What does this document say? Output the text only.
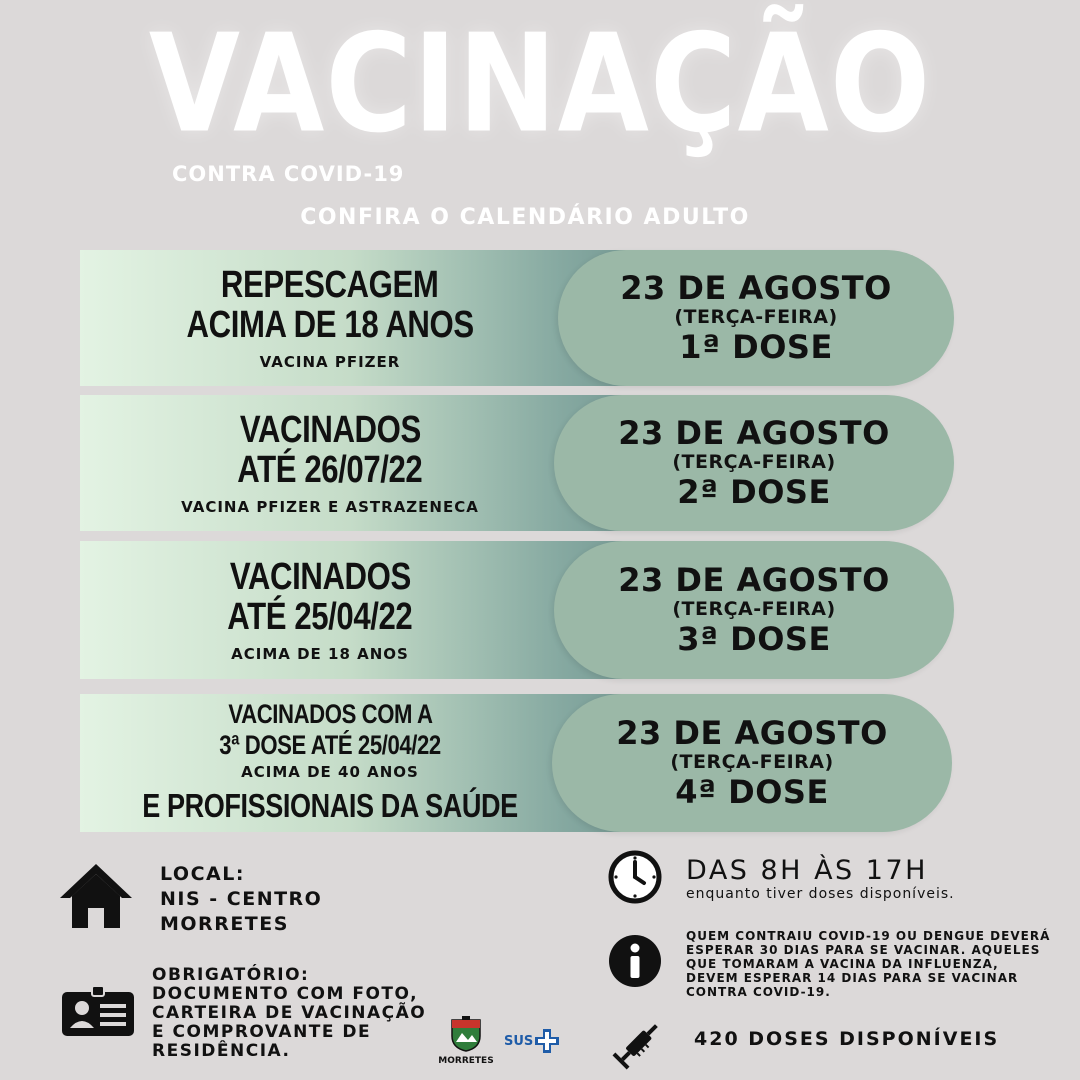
VACINAÇÃO
CONTRA COVID-19
CONFIRA O CALENDÁRIO ADULTO
REPESCAGEM
ACIMA DE 18 ANOS
VACINA PFIZER
23 DE AGOSTO
(TERÇA-FEIRA)
1ª DOSE
VACINADOS
ATÉ 26/07/22
VACINA PFIZER E ASTRAZENECA
23 DE AGOSTO
(TERÇA-FEIRA)
2ª DOSE
VACINADOS
ATÉ 25/04/22
ACIMA DE 18 ANOS
23 DE AGOSTO
(TERÇA-FEIRA)
3ª DOSE
VACINADOS COM A
3ª DOSE ATÉ 25/04/22
ACIMA DE 40 ANOS
E PROFISSIONAIS DA SAÚDE
23 DE AGOSTO
(TERÇA-FEIRA)
4ª DOSE
LOCAL:
NIS - CENTRO
MORRETES
OBRIGATÓRIO:
DOCUMENTO COM FOTO,
CARTEIRA DE VACINAÇÃO
E COMPROVANTE DE
RESIDÊNCIA.	MORRETES
SUS
DAS 8H ÀS 17H
enquanto tiver doses disponíveis.
QUEM CONTRAIU COVID-19 OU DENGUE DEVERÁ
ESPERAR 30 DIAS PARA SE VACINAR. AQUELES
QUE TOMARAM A VACINA DA INFLUENZA,
DEVEM ESPERAR 14 DIAS PARA SE VACINAR
CONTRA COVID-19.
420 DOSES DISPONÍVEIS
